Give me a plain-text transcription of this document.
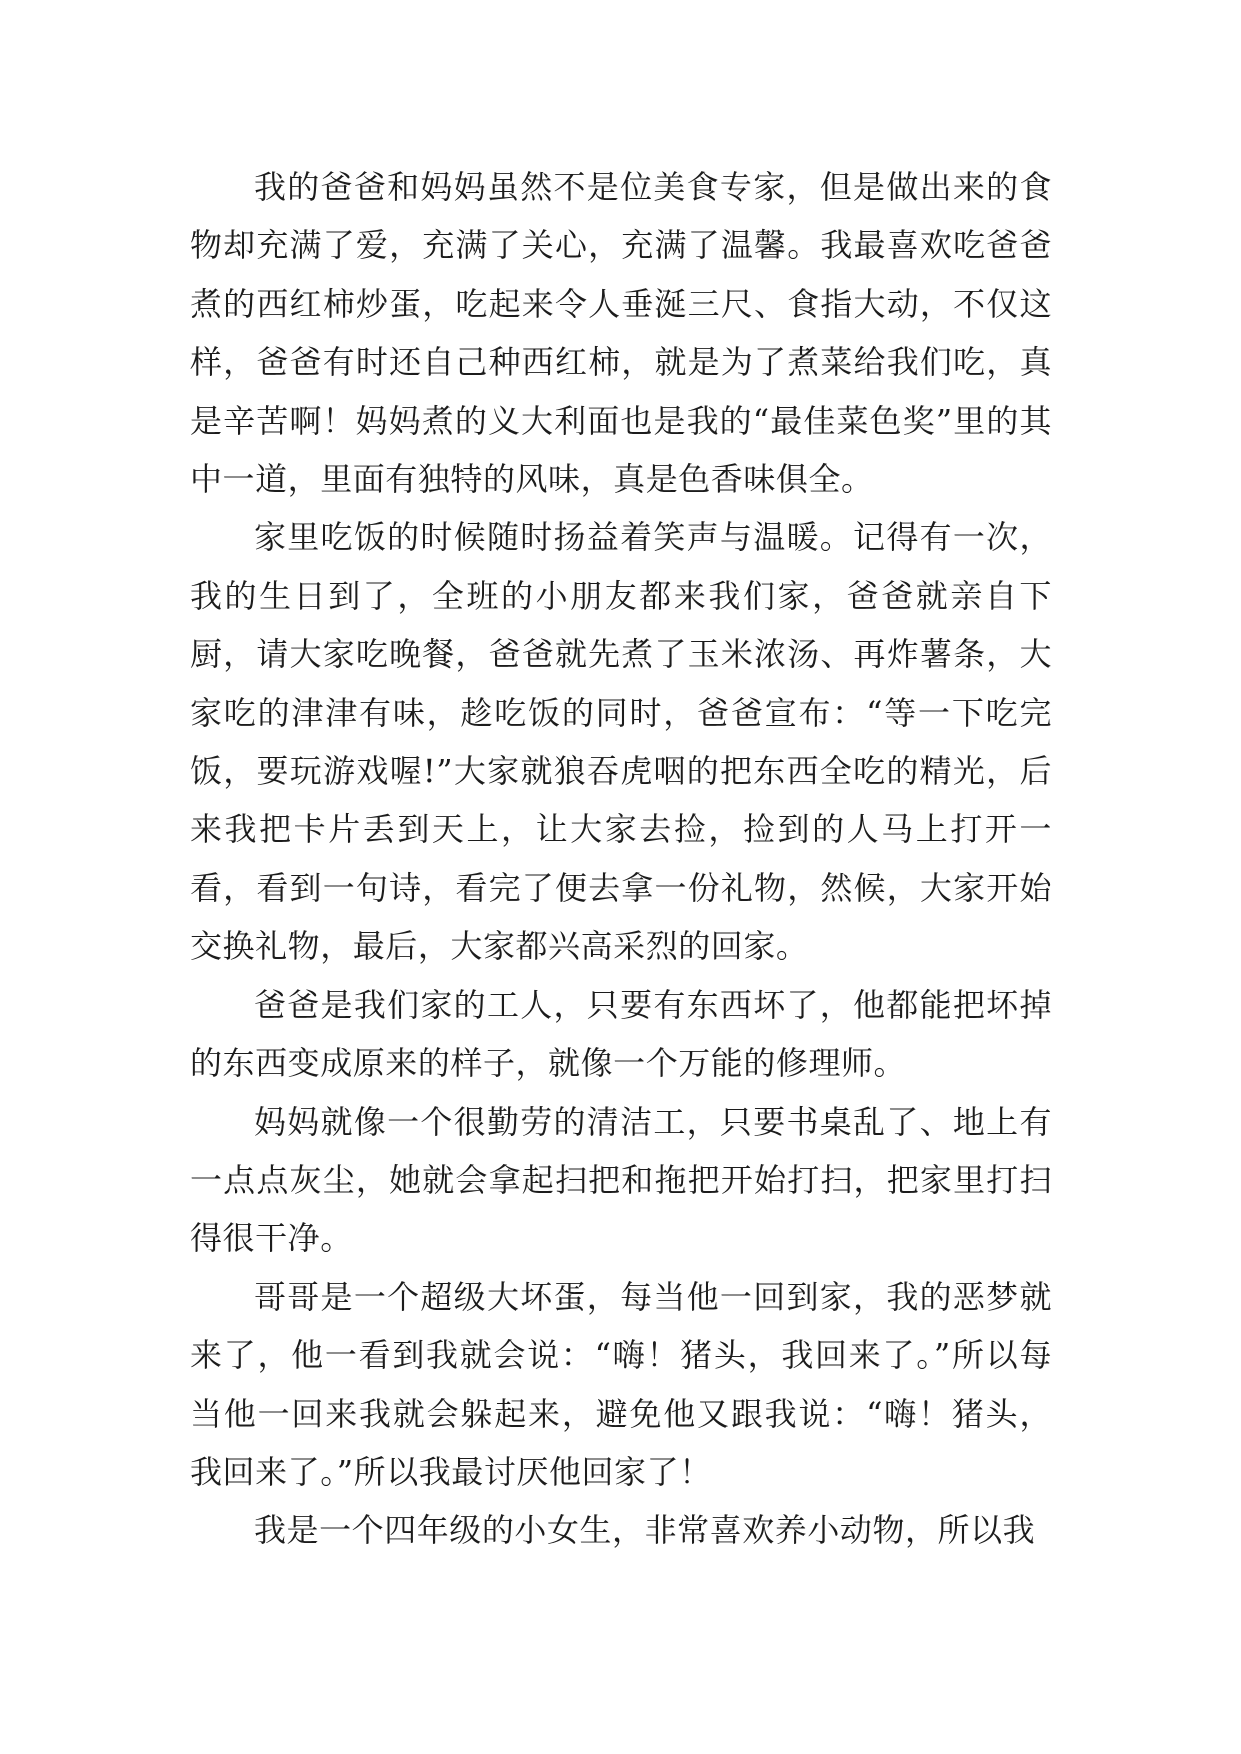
我的爸爸和妈妈虽然不是位美食专家，但是做出来的食物却充满了爱，充满了关心，充满了温馨。我最喜欢吃爸爸煮的西红柿炒蛋，吃起来令人垂涎三尺、食指大动，不仅这样，爸爸有时还自己种西红柿，就是为了煮菜给我们吃，真是辛苦啊！妈妈煮的义大利面也是我的“最佳菜色奖”里的其中一道，里面有独特的风味，真是色香味俱全。

家里吃饭的时候随时扬益着笑声与温暖。记得有一次，我的生日到了，全班的小朋友都来我们家，爸爸就亲自下厨，请大家吃晚餐，爸爸就先煮了玉米浓汤、再炸薯条，大家吃的津津有味，趁吃饭的同时，爸爸宣布：“等一下吃完饭，要玩游戏喔!”大家就狼吞虎咽的把东西全吃的精光，后来我把卡片丢到天上，让大家去捡，捡到的人马上打开一看，看到一句诗，看完了便去拿一份礼物，然候，大家开始交换礼物，最后，大家都兴高采烈的回家。

爸爸是我们家的工人，只要有东西坏了，他都能把坏掉的东西变成原来的样子，就像一个万能的修理师。

妈妈就像一个很勤劳的清洁工，只要书桌乱了、地上有一点点灰尘，她就会拿起扫把和拖把开始打扫，把家里打扫得很干净。

哥哥是一个超级大坏蛋，每当他一回到家，我的恶梦就来了，他一看到我就会说：“嗨！猪头，我回来了。”所以每当他一回来我就会躲起来，避免他又跟我说：“嗨！猪头，我回来了。”所以我最讨厌他回家了！

我是一个四年级的小女生，非常喜欢养小动物，所以我
